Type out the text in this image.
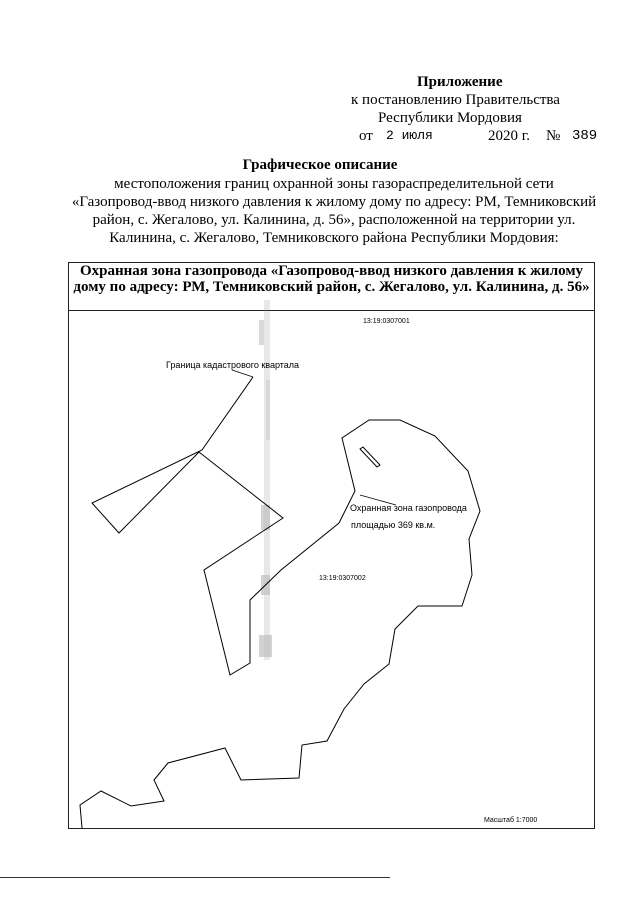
Приложение
к постановлению Правительства
Республики Мордовия
от 2 июля	2020 г. № 389
Графическое описание
местоположения границ охранной зоны газораспределительной сети «Газопровод-ввод низкого давления к жилому дому по адресу: РМ, Темниковский район, с. Жегалово, ул. Калинина, д. 56», расположенной на территории ул. Калинина, с. Жегалово, Темниковского района Республики Мордовия:
Охранная зона газопровода «Газопровод-ввод низкого давления к жилому дому по адресу: РМ, Темниковский район, с. Жегалово, ул. Калинина, д. 56»
13:19:0307001
13:19:0307002
Граница кадастрового квартала
Охранная зона газопровода
площадью 369 кв.м.
Масштаб 1:7000
